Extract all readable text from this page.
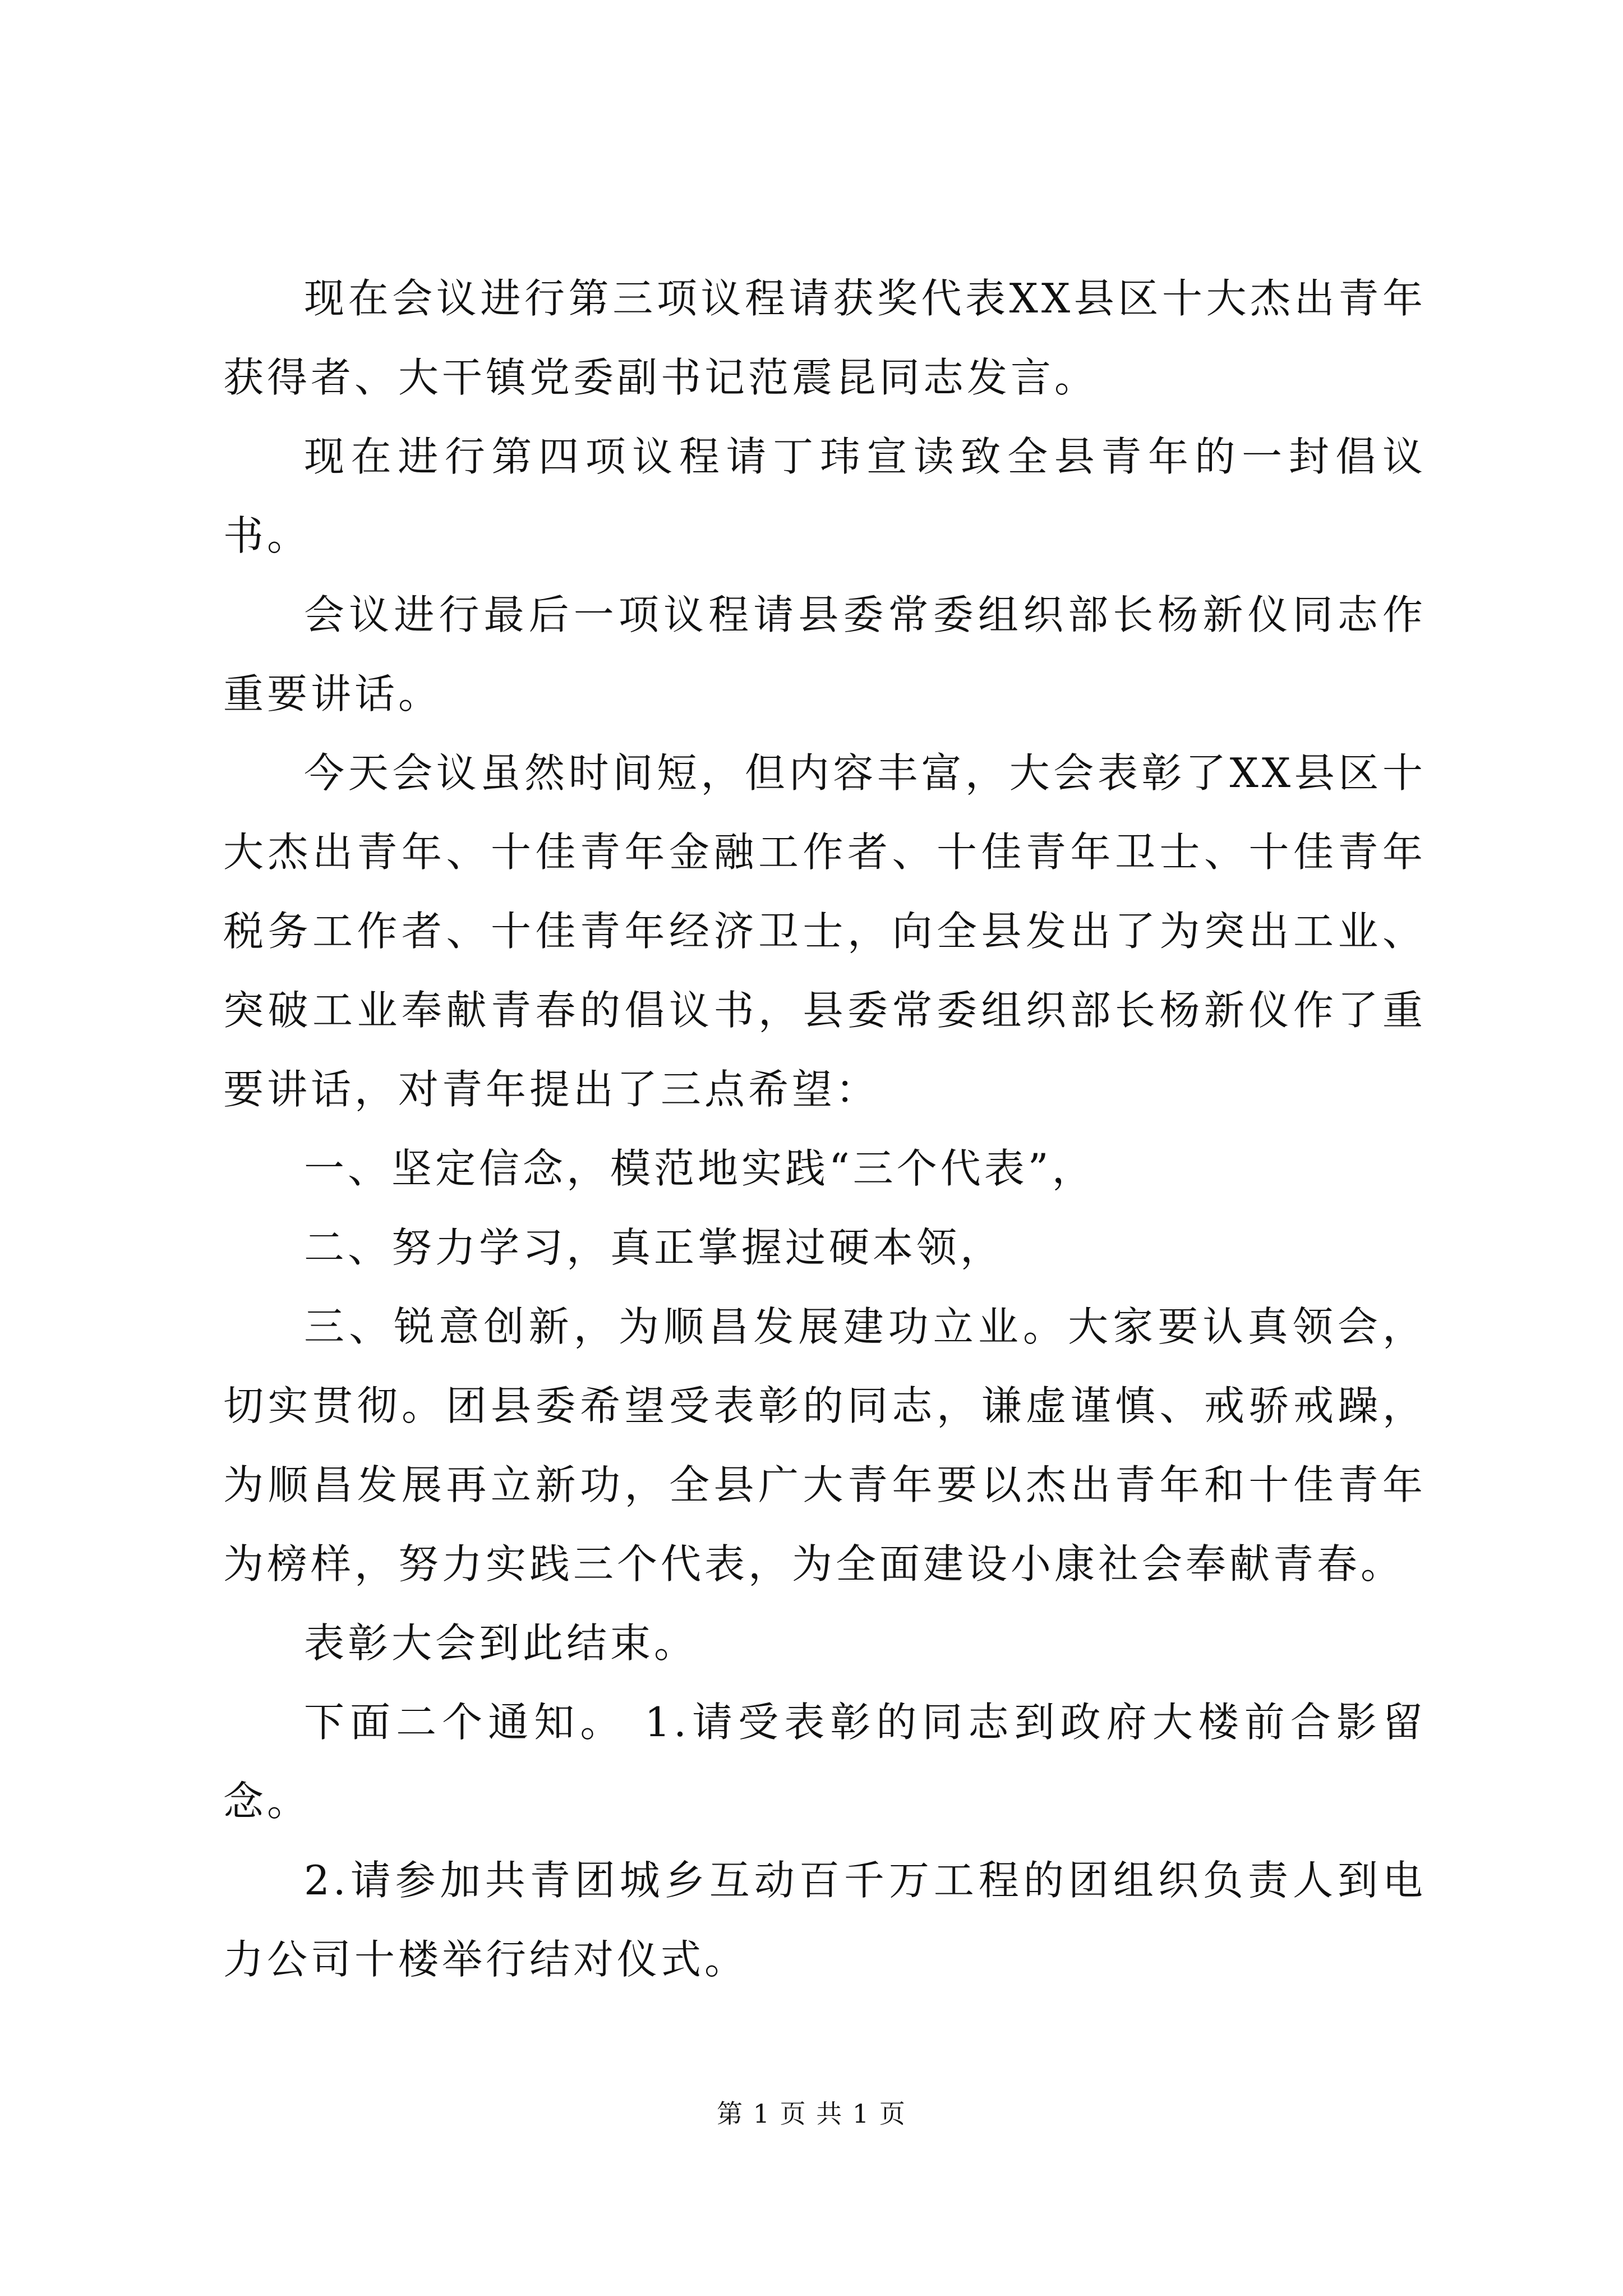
现在会议进行第三项议程请获奖代表XX县区十大杰出青年获得者、大干镇党委副书记范震昆同志发言。

现在进行第四项议程请丁玮宣读致全县青年的一封倡议书。

会议进行最后一项议程请县委常委组织部长杨新仪同志作重要讲话。

今天会议虽然时间短，但内容丰富，大会表彰了XX县区十大杰出青年、十佳青年金融工作者、十佳青年卫士、十佳青年税务工作者、十佳青年经济卫士，向全县发出了为突出工业、突破工业奉献青春的倡议书，县委常委组织部长杨新仪作了重要讲话，对青年提出了三点希望：

一、坚定信念，模范地实践“三个代表”，

二、努力学习，真正掌握过硬本领，

三、锐意创新，为顺昌发展建功立业。大家要认真领会，切实贯彻。团县委希望受表彰的同志，谦虚谨慎、戒骄戒躁，为顺昌发展再立新功，全县广大青年要以杰出青年和十佳青年为榜样，努力实践三个代表，为全面建设小康社会奉献青春。

表彰大会到此结束。

下面二个通知。 1.请受表彰的同志到政府大楼前合影留念。

2.请参加共青团城乡互动百千万工程的团组织负责人到电力公司十楼举行结对仪式。

第 1 页 共 1 页
